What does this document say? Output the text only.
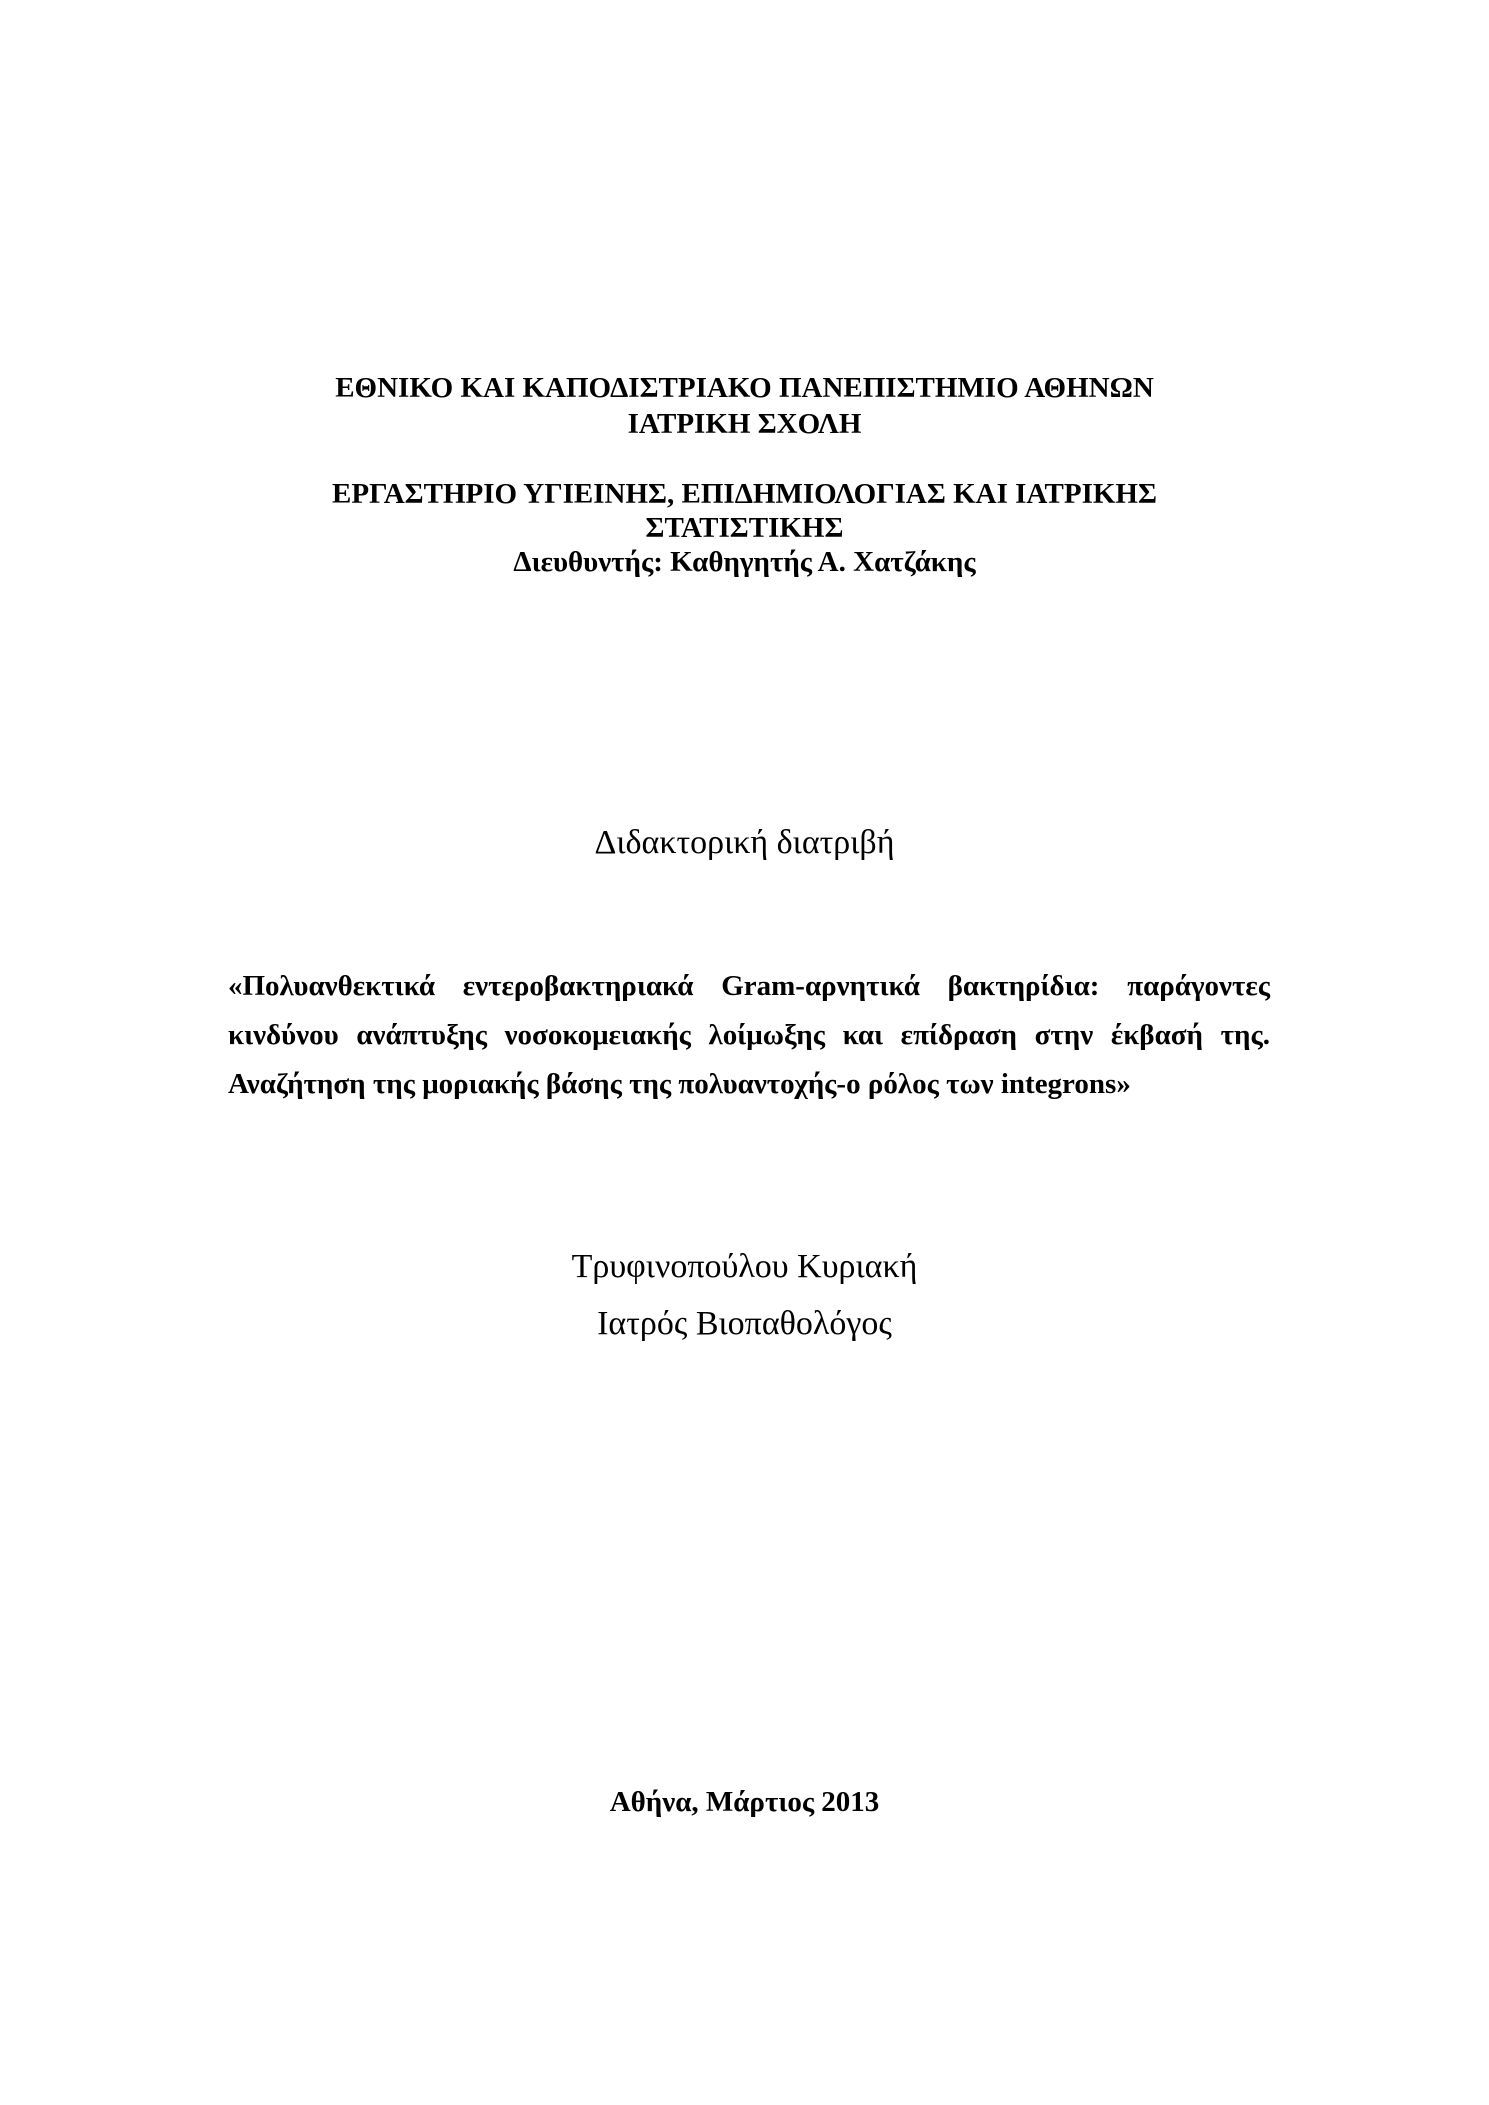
ΕΘΝΙΚΟ ΚΑΙ ΚΑΠΟΔΙΣΤΡΙΑΚΟ ΠΑΝΕΠΙΣΤΗΜΙΟ ΑΘΗΝΩΝ
ΙΑΤΡΙΚΗ ΣΧΟΛΗ
ΕΡΓΑΣΤΗΡΙΟ ΥΓΙΕΙΝΗΣ, ΕΠΙΔΗΜΙΟΛΟΓΙΑΣ ΚΑΙ ΙΑΤΡΙΚΗΣ
ΣΤΑΤΙΣΤΙΚΗΣ
Διευθυντής: Καθηγητής Α. Χατζάκης
Διδακτορική διατριβή
«Πολυανθεκτικά εντεροβακτηριακά Gram-αρνητικά βακτηρίδια: παράγοντες
κινδύνου ανάπτυξης νοσοκομειακής λοίμωξης και επίδραση στην έκβασή της.
Αναζήτηση της μοριακής βάσης της πολυαντοχής-ο ρόλος των integrons»
Τρυφινοπούλου Κυριακή
Ιατρός Βιοπαθολόγος
Αθήνα, Μάρτιος 2013
